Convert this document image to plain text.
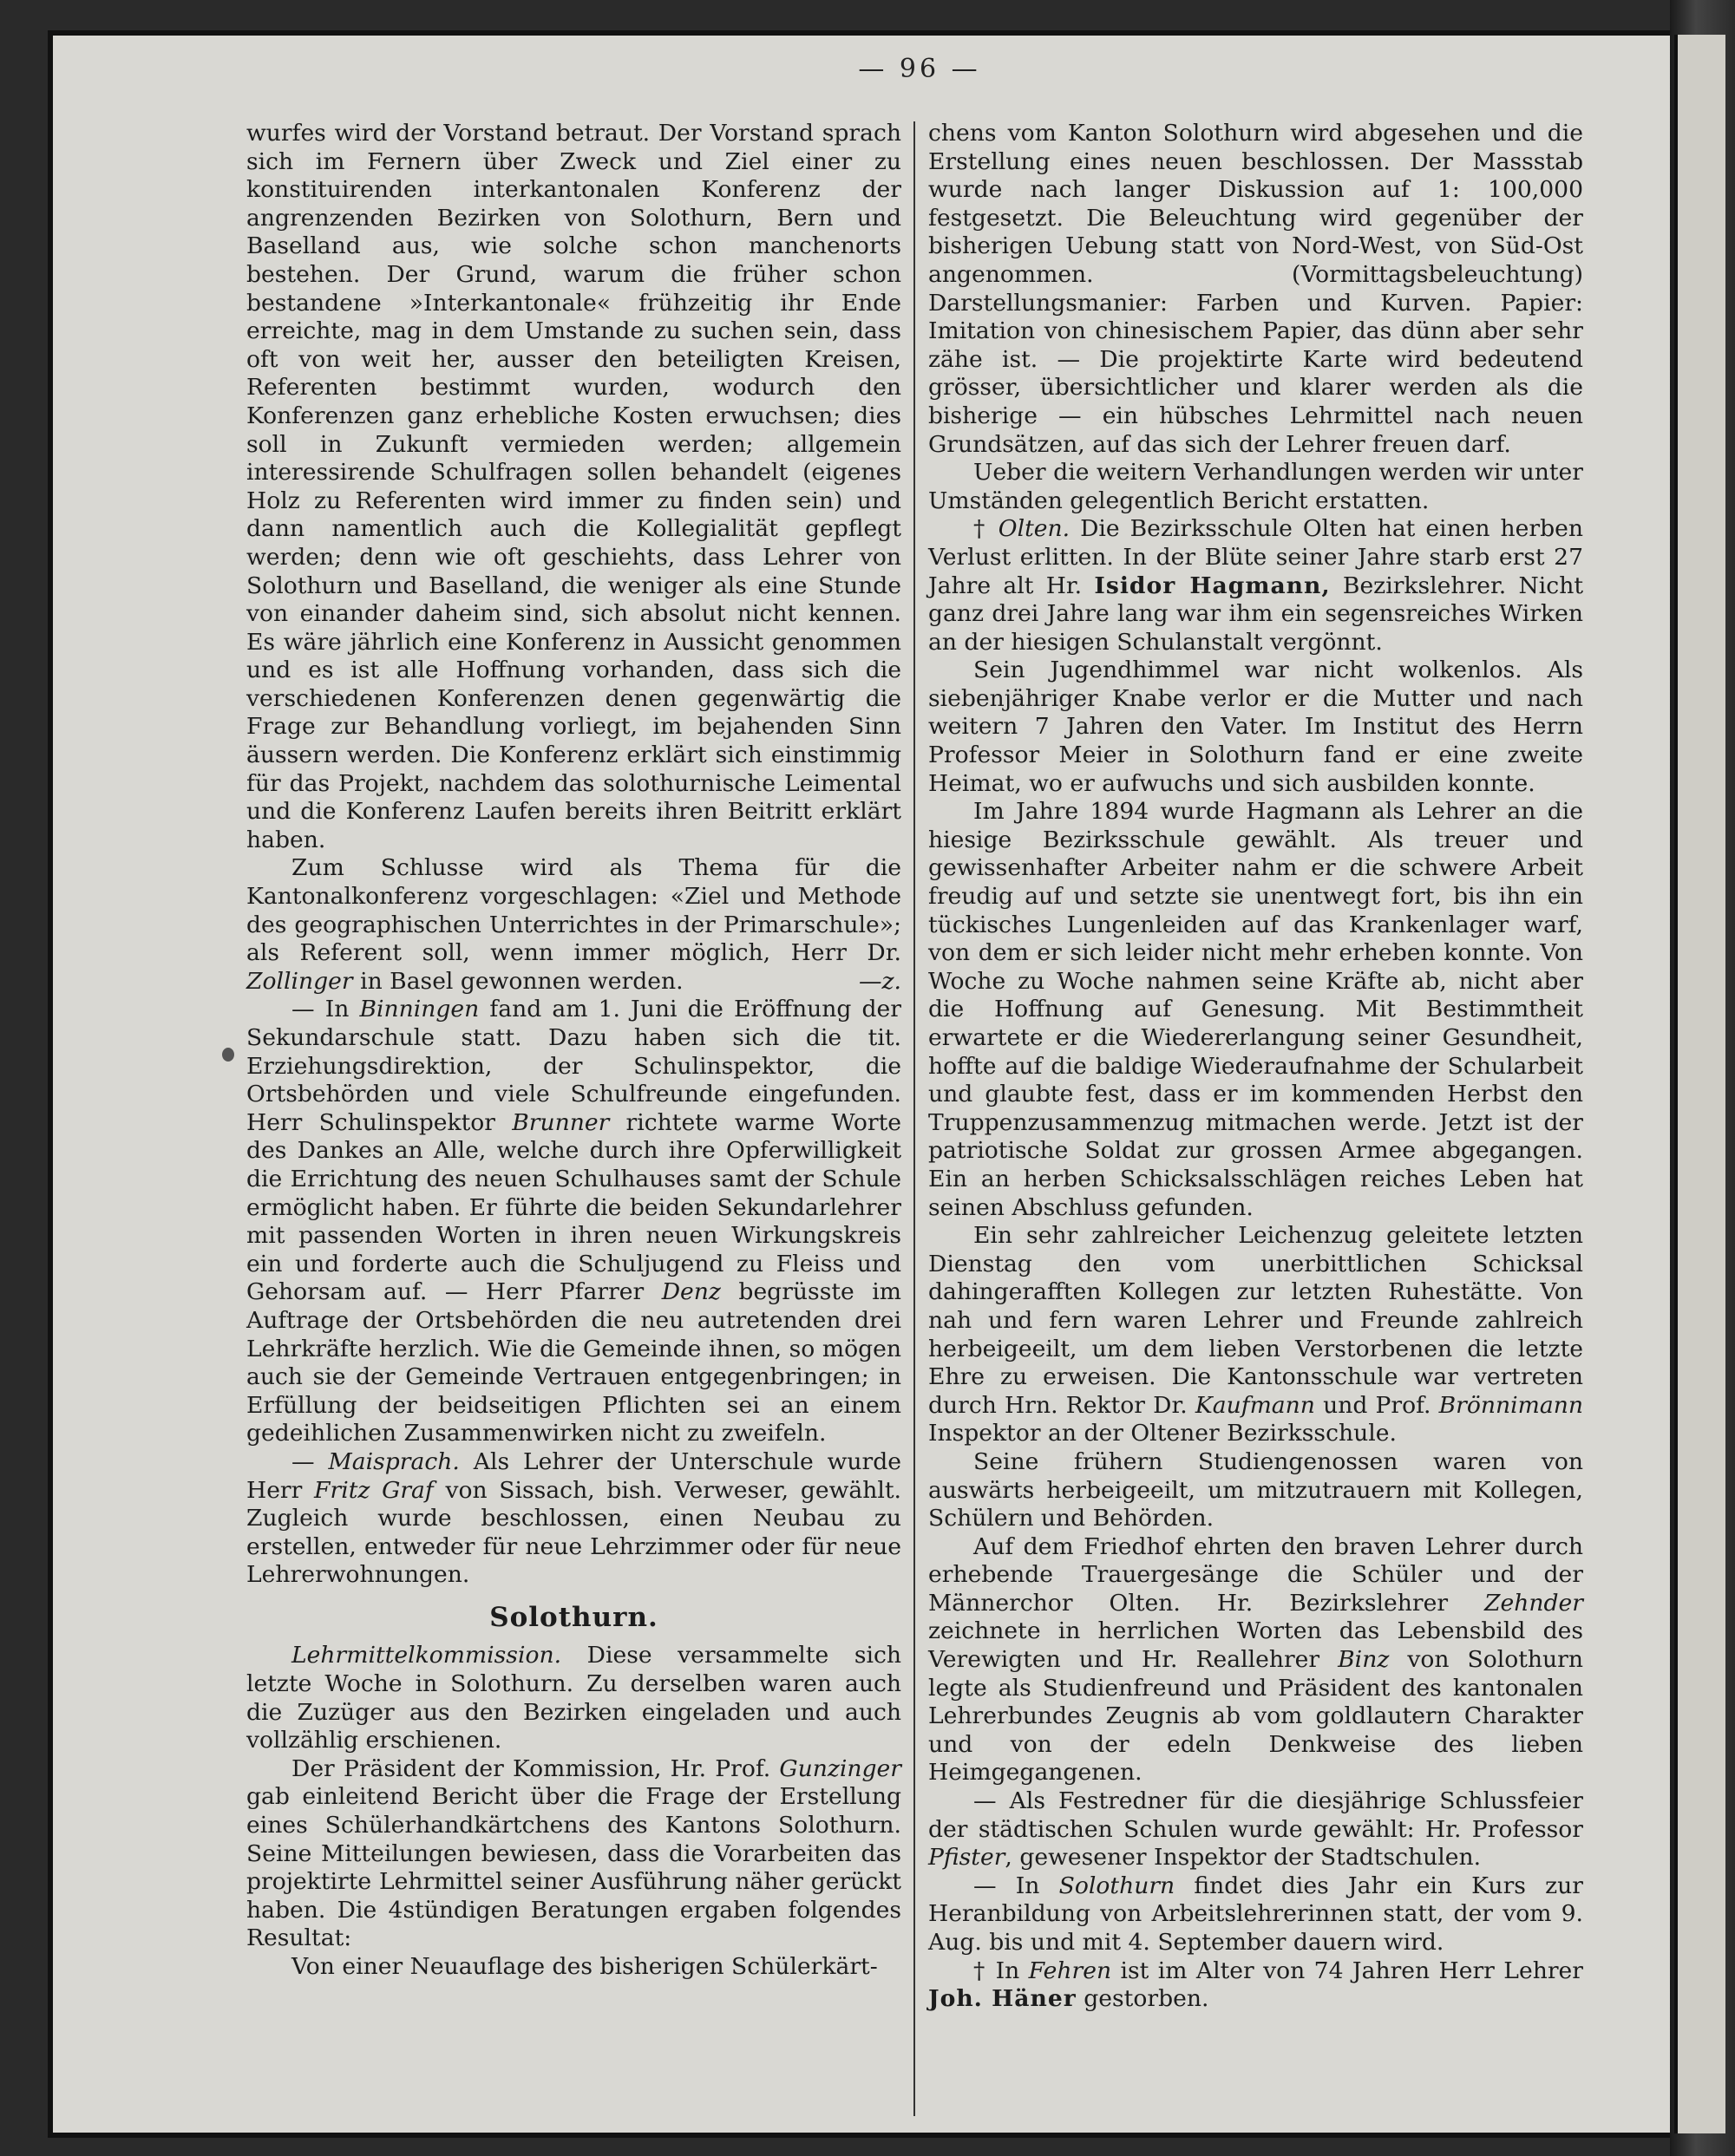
— 96 —

wurfes wird der Vorstand betraut. Der Vorstand sprach sich im Fernern über Zweck und Ziel einer zu konstituirenden interkantonalen Konferenz der angrenzenden Bezirken von Solothurn, Bern und Baselland aus, wie solche schon manchenorts bestehen. Der Grund, warum die früher schon bestandene »Interkantonale« frühzeitig ihr Ende erreichte, mag in dem Umstande zu suchen sein, dass oft von weit her, ausser den beteiligten Kreisen, Referenten bestimmt wurden, wodurch den Konferenzen ganz erhebliche Kosten erwuchsen; dies soll in Zukunft vermieden werden; allgemein interessirende Schulfragen sollen behandelt (eigenes Holz zu Referenten wird immer zu finden sein) und dann namentlich auch die Kollegialität gepflegt werden; denn wie oft geschiehts, dass Lehrer von Solothurn und Baselland, die weniger als eine Stunde von einander daheim sind, sich absolut nicht kennen. Es wäre jährlich eine Konferenz in Aussicht genommen und es ist alle Hoffnung vorhanden, dass sich die verschiedenen Konferenzen denen gegenwärtig die Frage zur Behandlung vorliegt, im bejahenden Sinn äussern werden. Die Konferenz erklärt sich einstimmig für das Projekt, nachdem das solothurnische Leimental und die Konferenz Laufen bereits ihren Beitritt erklärt haben.

Zum Schlusse wird als Thema für die Kantonalkonferenz vorgeschlagen: «Ziel und Methode des geographischen Unterrichtes in der Primarschule»; als Referent soll, wenn immer möglich, Herr Dr. Zollinger in Basel gewonnen werden.	—z.

— In Binningen fand am 1. Juni die Eröffnung der Sekundarschule statt. Dazu haben sich die tit. Erziehungsdirektion, der Schulinspektor, die Ortsbehörden und viele Schulfreunde eingefunden. Herr Schulinspektor Brunner richtete warme Worte des Dankes an Alle, welche durch ihre Opferwilligkeit die Errichtung des neuen Schulhauses samt der Schule ermöglicht haben. Er führte die beiden Sekundarlehrer mit passenden Worten in ihren neuen Wirkungskreis ein und forderte auch die Schuljugend zu Fleiss und Gehorsam auf. — Herr Pfarrer Denz begrüsste im Auftrage der Ortsbehörden die neu autretenden drei Lehrkräfte herzlich. Wie die Gemeinde ihnen, so mögen auch sie der Gemeinde Vertrauen entgegenbringen; in Erfüllung der beidseitigen Pflichten sei an einem gedeihlichen Zusammenwirken nicht zu zweifeln.

— Maisprach. Als Lehrer der Unterschule wurde Herr Fritz Graf von Sissach, bish. Verweser, gewählt. Zugleich wurde beschlossen, einen Neubau zu erstellen, entweder für neue Lehrzimmer oder für neue Lehrerwohnungen.

Solothurn.

Lehrmittelkommission. Diese versammelte sich letzte Woche in Solothurn. Zu derselben waren auch die Zuzüger aus den Bezirken eingeladen und auch vollzählig erschienen.

Der Präsident der Kommission, Hr. Prof. Gunzinger gab einleitend Bericht über die Frage der Erstellung eines Schülerhandkärtchens des Kantons Solothurn. Seine Mitteilungen bewiesen, dass die Vorarbeiten das projektirte Lehrmittel seiner Ausführung näher gerückt haben. Die 4stündigen Beratungen ergaben folgendes Resultat:

Von einer Neuauflage des bisherigen Schülerkärt-

chens vom Kanton Solothurn wird abgesehen und die Erstellung eines neuen beschlossen. Der Massstab wurde nach langer Diskussion auf 1: 100,000 festgesetzt. Die Beleuchtung wird gegenüber der bisherigen Uebung statt von Nord-West, von Süd-Ost angenommen. (Vormittagsbeleuchtung) Darstellungsmanier: Farben und Kurven. Papier: Imitation von chinesischem Papier, das dünn aber sehr zähe ist. — Die projektirte Karte wird bedeutend grösser, übersichtlicher und klarer werden als die bisherige — ein hübsches Lehrmittel nach neuen Grundsätzen, auf das sich der Lehrer freuen darf.

Ueber die weitern Verhandlungen werden wir unter Umständen gelegentlich Bericht erstatten.

† Olten. Die Bezirksschule Olten hat einen herben Verlust erlitten. In der Blüte seiner Jahre starb erst 27 Jahre alt Hr. Isidor Hagmann, Bezirkslehrer. Nicht ganz drei Jahre lang war ihm ein segensreiches Wirken an der hiesigen Schulanstalt vergönnt.

Sein Jugendhimmel war nicht wolkenlos. Als siebenjähriger Knabe verlor er die Mutter und nach weitern 7 Jahren den Vater. Im Institut des Herrn Professor Meier in Solothurn fand er eine zweite Heimat, wo er aufwuchs und sich ausbilden konnte.

Im Jahre 1894 wurde Hagmann als Lehrer an die hiesige Bezirksschule gewählt. Als treuer und gewissenhafter Arbeiter nahm er die schwere Arbeit freudig auf und setzte sie unentwegt fort, bis ihn ein tückisches Lungenleiden auf das Krankenlager warf, von dem er sich leider nicht mehr erheben konnte. Von Woche zu Woche nahmen seine Kräfte ab, nicht aber die Hoffnung auf Genesung. Mit Bestimmtheit erwartete er die Wiedererlangung seiner Gesundheit, hoffte auf die baldige Wiederaufnahme der Schularbeit und glaubte fest, dass er im kommenden Herbst den Truppenzusammenzug mitmachen werde. Jetzt ist der patriotische Soldat zur grossen Armee abgegangen. Ein an herben Schicksalsschlägen reiches Leben hat seinen Abschluss gefunden.

Ein sehr zahlreicher Leichenzug geleitete letzten Dienstag den vom unerbittlichen Schicksal dahingerafften Kollegen zur letzten Ruhestätte. Von nah und fern waren Lehrer und Freunde zahlreich herbeigeeilt, um dem lieben Verstorbenen die letzte Ehre zu erweisen. Die Kantonsschule war vertreten durch Hrn. Rektor Dr. Kaufmann und Prof. Brönnimann Inspektor an der Oltener Bezirksschule.

Seine frühern Studiengenossen waren von auswärts herbeigeeilt, um mitzutrauern mit Kollegen, Schülern und Behörden.

Auf dem Friedhof ehrten den braven Lehrer durch erhebende Trauergesänge die Schüler und der Männerchor Olten. Hr. Bezirkslehrer Zehnder zeichnete in herrlichen Worten das Lebensbild des Verewigten und Hr. Reallehrer Binz von Solothurn legte als Studienfreund und Präsident des kantonalen Lehrerbundes Zeugnis ab vom goldlautern Charakter und von der edeln Denkweise des lieben Heimgegangenen.

— Als Festredner für die diesjährige Schlussfeier der städtischen Schulen wurde gewählt: Hr. Professor Pfister, gewesener Inspektor der Stadtschulen.

— In Solothurn findet dies Jahr ein Kurs zur Heranbildung von Arbeitslehrerinnen statt, der vom 9. Aug. bis und mit 4. September dauern wird.

† In Fehren ist im Alter von 74 Jahren Herr Lehrer Joh. Häner gestorben.
